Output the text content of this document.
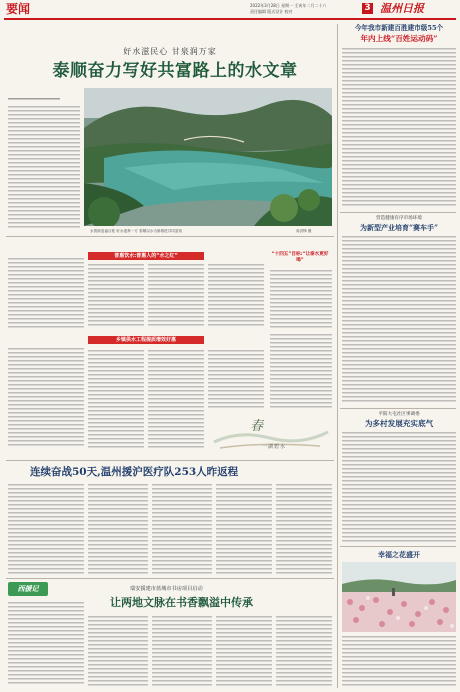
要闻	2022年3月28日 星期一 壬寅年二月二十六
责任编辑 版式设计 校对	3 温州日报
好水滋民心 甘泉润万家
泰顺奋力写好共富路上的水文章
水资源造福百姓 好水滋养一方 泰顺以水为脉推进共同富裕	周洪锋 摄
普惠饮水:普惠人的“水之红”	“十四五”目标:“让泰水更好喝”
乡镇供水工程提质增效好惠
春
一湖碧水
连续奋战50天,温州援沪医疗队253人昨返程
西援记	瑞安援建市蓝城市书房项目启动
让两地文脉在书香飘溢中传承
今年我市新建百胜建市级55个
年内上线“百姓运动码”
营造健康有序市场环境
为新型产业培育“赛车手”
平阳大屯社区事调委
为多村发展充实底气
幸福之花盛开
